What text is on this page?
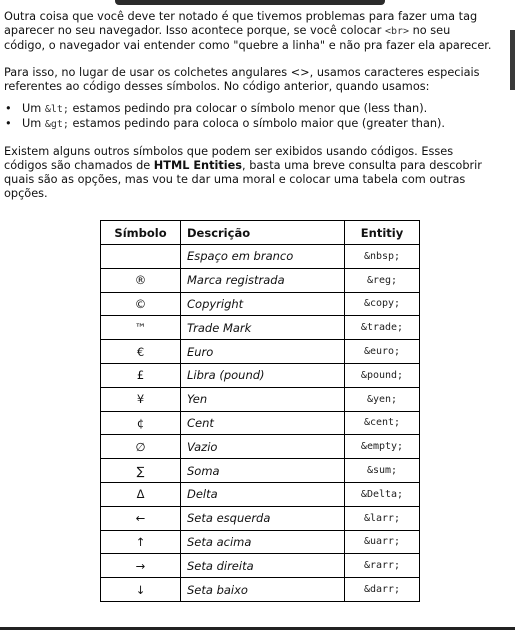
Outra coisa que você deve ter notado é que tivemos problemas para fazer uma tag

aparecer no seu navegador. Isso acontece porque, se você colocar <br> no seu

código, o navegador vai entender como "quebre a linha" e não pra fazer ela aparecer.

Para isso, no lugar de usar os colchetes angulares <>, usamos caracteres especiais

referentes ao código desses símbolos. No código anterior, quando usamos:

• Um &lt; estamos pedindo pra colocar o símbolo menor que (less than).
• Um &gt; estamos pedindo para coloca o símbolo maior que (greater than).

Existem alguns outros símbolos que podem ser exibidos usando códigos. Esses

códigos são chamados de HTML Entities, basta uma breve consulta para descobrir

quais são as opções, mas vou te dar uma moral e colocar uma tabela com outras

opções.

Símbolo	Descrição	Entitiy
	Espaço em branco	&nbsp;
®	Marca registrada	&reg;
©	Copyright	&copy;
™	Trade Mark	&trade;
€	Euro	&euro;
£	Libra (pound)	&pound;
¥	Yen	&yen;
¢	Cent	&cent;
∅	Vazio	&empty;
∑	Soma	&sum;
Δ	Delta	&Delta;
←	Seta esquerda	&larr;
↑	Seta acima	&uarr;
→	Seta direita	&rarr;
↓	Seta baixo	&darr;
